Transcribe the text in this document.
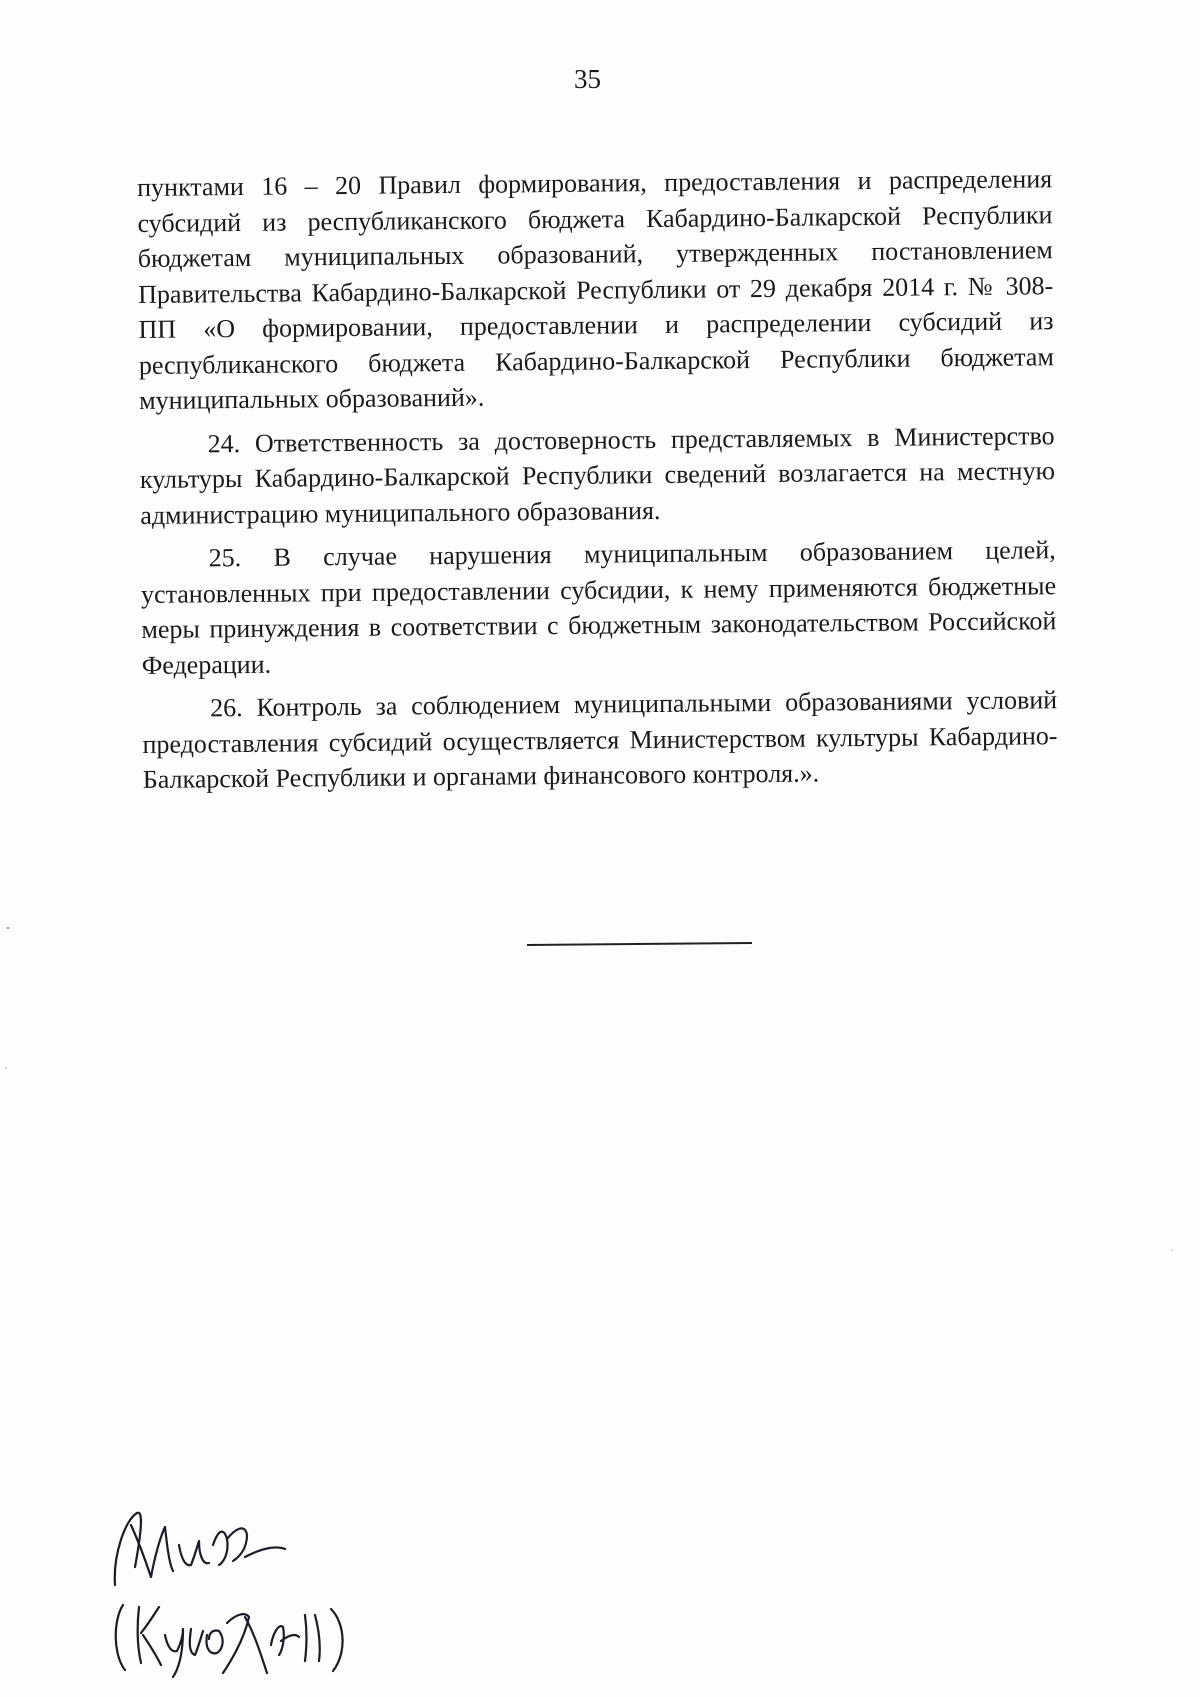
35

пунктами 16 – 20 Правил формирования, предоставления и распределения субсидий из республиканского бюджета Кабардино-Балкарской Республики бюджетам муниципальных образований, утвержденных постановлением Правительства Кабардино-Балкарской Республики от 29 декабря 2014 г. № 308-ПП «О формировании, предоставлении и распределении субсидий из республиканского бюджета Кабардино-Балкарской Республики бюджетам муниципальных образований».

24. Ответственность за достоверность представляемых в Министерство культуры Кабардино-Балкарской Республики сведений возлагается на местную администрацию муниципального образования.

25. В случае нарушения муниципальным образованием целей, установленных при предоставлении субсидии, к нему применяются бюджетные меры принуждения в соответствии с бюджетным законодательством Российской Федерации.

26. Контроль за соблюдением муниципальными образованиями условий предоставления субсидий осуществляется Министерством культуры Кабардино-Балкарской Республики и органами финансового контроля.».
